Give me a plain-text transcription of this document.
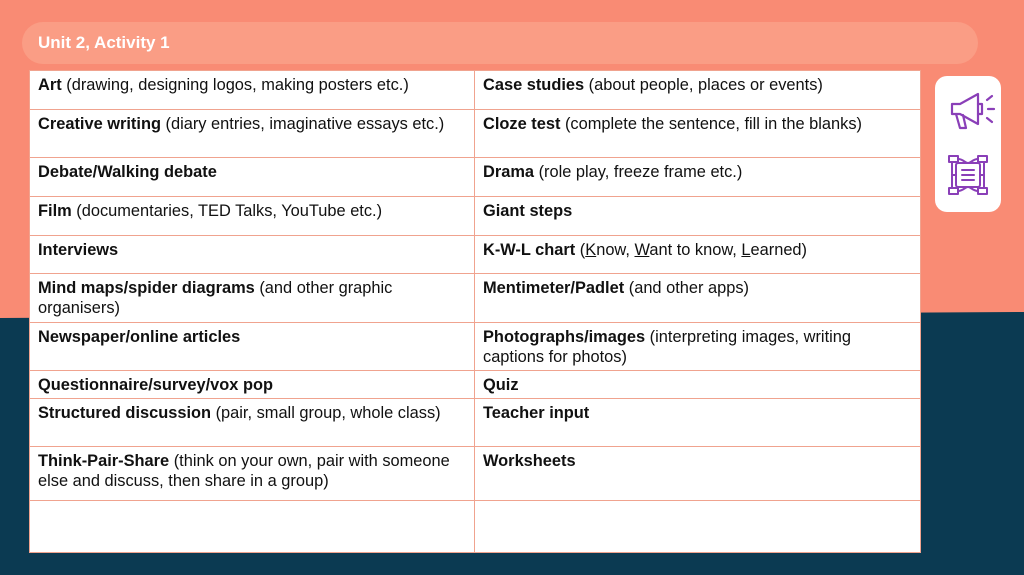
Unit 2, Activity 1
Art (drawing, designing logos, making posters etc.)	Case studies (about people, places or events)
Creative writing (diary entries, imaginative essays etc.)	Cloze test (complete the sentence, fill in the blanks)
Debate/Walking debate	Drama (role play, freeze frame etc.)
Film (documentaries, TED Talks, YouTube etc.)	Giant steps
Interviews	K-W-L chart (Know, Want to know, Learned)
Mind maps/spider diagrams (and other graphic organisers)	Mentimeter/Padlet (and other apps)
Newspaper/online articles	Photographs/images (interpreting images, writing captions for photos)
Questionnaire/survey/vox pop	Quiz
Structured discussion (pair, small group, whole class)	Teacher input
Think-Pair-Share (think on your own, pair with someone else and discuss, then share in a group)	Worksheets
